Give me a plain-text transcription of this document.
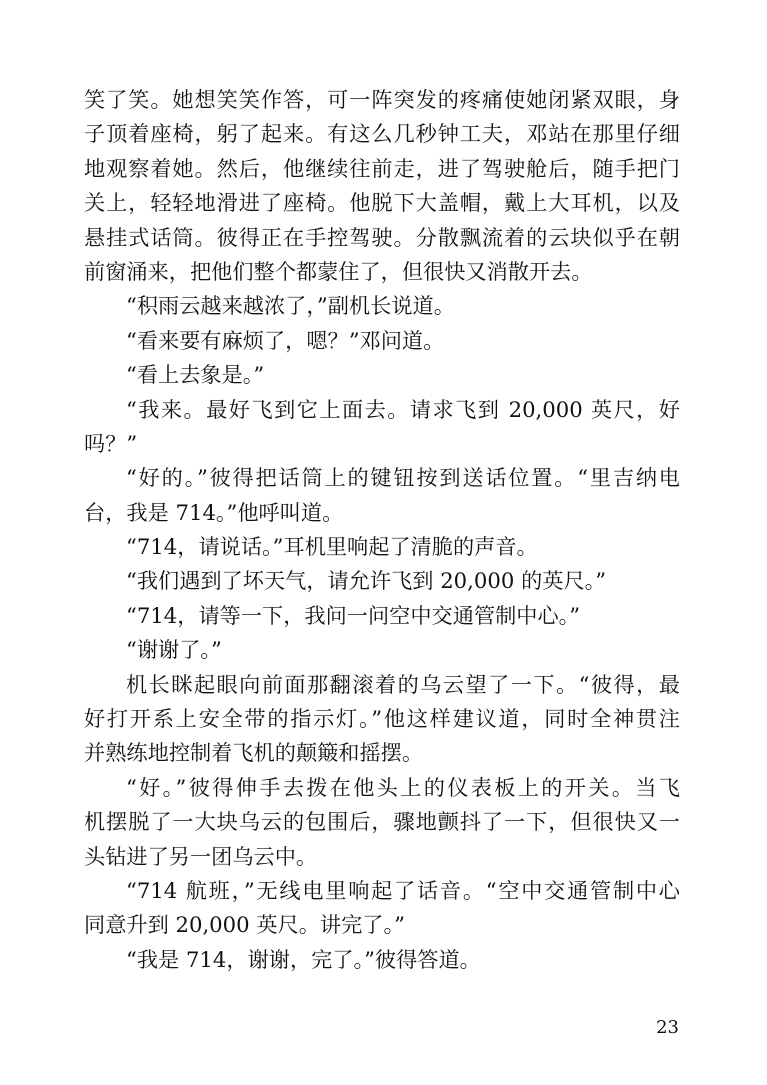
笑了笑。她想笑笑作答，可一阵突发的疼痛使她闭紧双眼，身
子顶着座椅，躬了起来。有这么几秒钟工夫，邓站在那里仔细
地观察着她。然后，他继续往前走，进了驾驶舱后，随手把门
关上，轻轻地滑进了座椅。他脱下大盖帽，戴上大耳机，以及
悬挂式话筒。彼得正在手控驾驶。分散飘流着的云块似乎在朝
前窗涌来，把他们整个都蒙住了，但很快又消散开去。
“积雨云越来越浓了，”副机长说道。
“看来要有麻烦了，嗯？”邓问道。
“看上去象是。”
“我来。最好飞到它上面去。请求飞到 20,000 英尺，好
吗？”
“好的。”彼得把话筒上的键钮按到送话位置。“里吉纳电
台，我是 714。”他呼叫道。
“714，请说话。”耳机里响起了清脆的声音。
“我们遇到了坏天气，请允许飞到 20,000 的英尺。”
“714，请等一下，我问一问空中交通管制中心。”
“谢谢了。”
机长眯起眼向前面那翻滚着的乌云望了一下。“彼得，最
好打开系上安全带的指示灯。”他这样建议道，同时全神贯注
并熟练地控制着飞机的颠簸和摇摆。
“好。”彼得伸手去拨在他头上的仪表板上的开关。当飞
机摆脱了一大块乌云的包围后，骤地颤抖了一下，但很快又一
头钻进了另一团乌云中。
“714 航班，”无线电里响起了话音。“空中交通管制中心
同意升到 20,000 英尺。讲完了。”
“我是 714，谢谢，完了。”彼得答道。
23
